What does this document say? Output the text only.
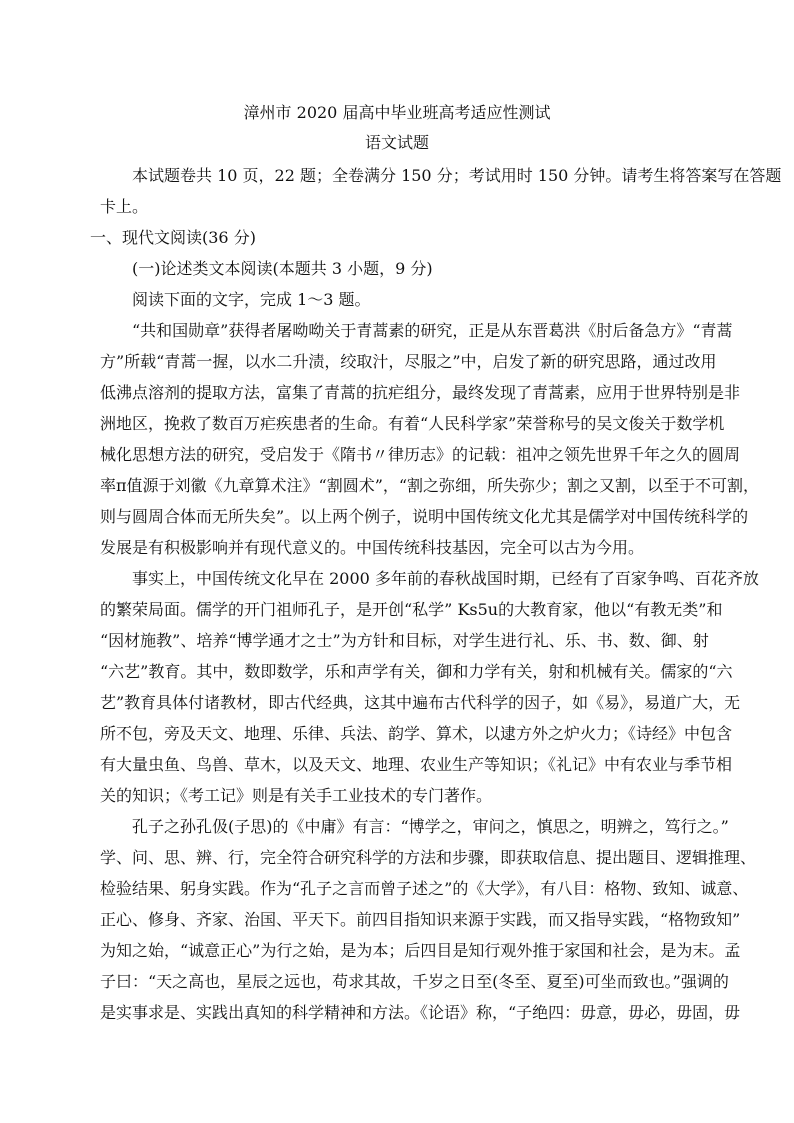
漳州市 2020 届高中毕业班高考适应性测试
语文试题
本试题卷共 10 页，22 题；全卷满分 150 分；考试用时 150 分钟。请考生将答案写在答题
卡上。
一、现代文阅读(36 分)
(一)论述类文本阅读(本题共 3 小题，9 分)
阅读下面的文字，完成 1～3 题。
“共和国勋章”获得者屠呦呦关于青蒿素的研究，正是从东晋葛洪《肘后备急方》“青蒿
方”所载“青蒿一握，以水二升渍，绞取汁，尽服之”中，启发了新的研究思路，通过改用
低沸点溶剂的提取方法，富集了青蒿的抗疟组分，最终发现了青蒿素，应用于世界特别是非
洲地区，挽救了数百万疟疾患者的生命。有着“人民科学家”荣誉称号的吴文俊关于数学机
械化思想方法的研究，受启发于《隋书〃律历志》的记载：祖冲之领先世界千年之久的圆周
率π值源于刘徽《九章算术注》“割圆术”，“割之弥细，所失弥少；割之又割，以至于不可割，
则与圆周合体而无所失矣”。以上两个例子，说明中国传统文化尤其是儒学对中国传统科学的
发展是有积极影响并有现代意义的。中国传统科技基因，完全可以古为今用。
事实上，中国传统文化早在 2000 多年前的春秋战国时期，已经有了百家争鸣、百花齐放
的繁荣局面。儒学的开门祖师孔子，是开创“私学” Ks5u的大教育家，他以“有教无类”和
“因材施教”、培养“博学通才之士”为方针和目标，对学生进行礼、乐、书、数、御、射
“六艺”教育。其中，数即数学，乐和声学有关，御和力学有关，射和机械有关。儒家的“六
艺”教育具体付诸教材，即古代经典，这其中遍布古代科学的因子，如《易》，易道广大，无
所不包，旁及天文、地理、乐律、兵法、韵学、算术，以逮方外之炉火力；《诗经》中包含
有大量虫鱼、鸟兽、草木，以及天文、地理、农业生产等知识；《礼记》中有农业与季节相
关的知识；《考工记》则是有关手工业技术的专门著作。
孔子之孙孔伋(子思)的《中庸》有言：“博学之，审问之，慎思之，明辨之，笃行之。”
学、问、思、辨、行，完全符合研究科学的方法和步骤，即获取信息、提出题目、逻辑推理、
检验结果、躬身实践。作为“孔子之言而曾子述之”的《大学》，有八目：格物、致知、诚意、
正心、修身、齐家、治国、平天下。前四目指知识来源于实践，而又指导实践，“格物致知”
为知之始，“诚意正心”为行之始，是为本；后四目是知行观外推于家国和社会，是为末。孟
子曰：“天之高也，星辰之远也，苟求其故，千岁之日至(冬至、夏至)可坐而致也。”强调的
是实事求是、实践出真知的科学精神和方法。《论语》称，“子绝四：毋意，毋必，毋固，毋
